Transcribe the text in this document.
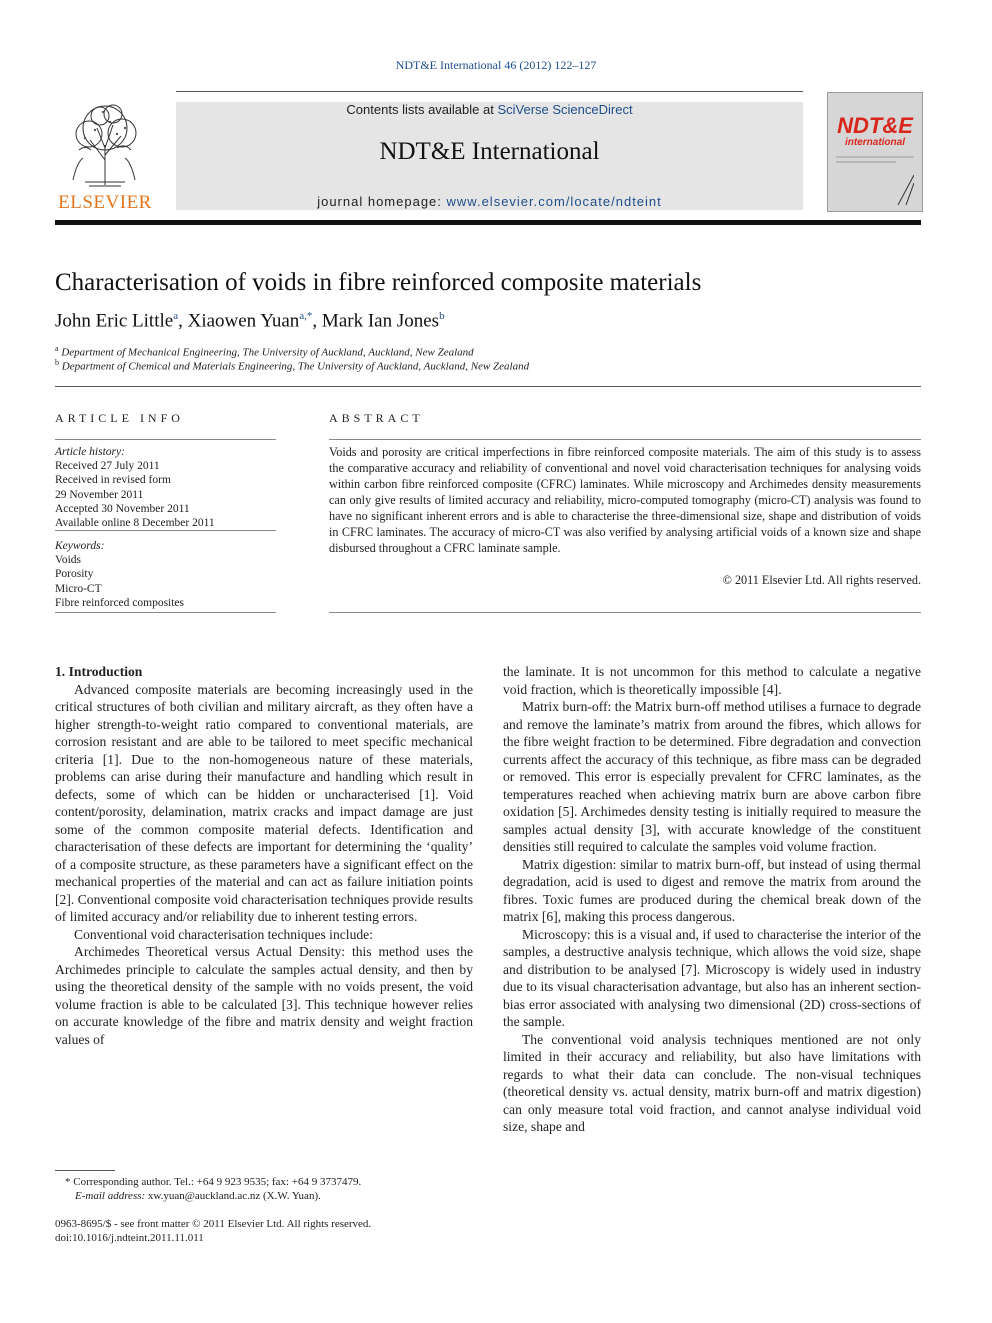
NDT&E International 46 (2012) 122–127
ELSEVIER
Contents lists available at SciVerse ScienceDirect
NDT&E International
journal homepage: www.elsevier.com/locate/ndteint
NDT&E
international
Characterisation of voids in fibre reinforced composite materials
John Eric Little$^a$, Xiaowen Yuan$^{a,*}$, Mark Ian Jones$^b$
$^a$ Department of Mechanical Engineering, The University of Auckland, Auckland, New Zealand
$^b$ Department of Chemical and Materials Engineering, The University of Auckland, Auckland, New Zealand
ARTICLE INFO
Article history:
Received 27 July 2011
Received in revised form
29 November 2011
Accepted 30 November 2011
Available online 8 December 2011
Keywords:
Voids
Porosity
Micro-CT
Fibre reinforced composites
ABSTRACT
Voids and porosity are critical imperfections in fibre reinforced composite materials. The aim of this study is to assess the comparative accuracy and reliability of conventional and novel void characterisation techniques for analysing voids within carbon fibre reinforced composite (CFRC) laminates. While microscopy and Archimedes density measurements can only give results of limited accuracy and reliability, micro-computed tomography (micro-CT) analysis was found to have no significant inherent errors and is able to characterise the three-dimensional size, shape and distribution of voids in CFRC laminates. The accuracy of micro-CT was also verified by analysing artificial voids of a known size and shape disbursed throughout a CFRC laminate sample.
© 2011 Elsevier Ltd. All rights reserved.

1. Introduction

Advanced composite materials are becoming increasingly used in the critical structures of both civilian and military aircraft, as they often have a higher strength-to-weight ratio compared to conventional materials, are corrosion resistant and are able to be tailored to meet specific mechanical criteria [1]. Due to the non-homogeneous nature of these materials, problems can arise during their manufacture and handling which result in defects, some of which can be hidden or uncharacterised [1]. Void content/porosity, delamination, matrix cracks and impact damage are just some of the common composite material defects. Identification and characterisation of these defects are important for determining the ‘quality’ of a composite structure, as these parameters have a significant effect on the mechanical properties of the material and can act as failure initiation points [2]. Conventional composite void characterisation techniques provide results of limited accuracy and/or reliability due to inherent testing errors.

Conventional void characterisation techniques include:

Archimedes Theoretical versus Actual Density: this method uses the Archimedes principle to calculate the samples actual density, and then by using the theoretical density of the sample with no voids present, the void volume fraction is able to be calculated [3]. This technique however relies on accurate knowledge of the fibre and matrix density and weight fraction values of

the laminate. It is not uncommon for this method to calculate a negative void fraction, which is theoretically impossible [4].

Matrix burn-off: the Matrix burn-off method utilises a furnace to degrade and remove the laminate’s matrix from around the fibres, which allows for the fibre weight fraction to be determined. Fibre degradation and convection currents affect the accuracy of this technique, as fibre mass can be degraded or removed. This error is especially prevalent for CFRC laminates, as the temperatures reached when achieving matrix burn are above carbon fibre oxidation [5]. Archimedes density testing is initially required to measure the samples actual density [3], with accurate knowledge of the constituent densities still required to calculate the samples void volume fraction.

Matrix digestion: similar to matrix burn-off, but instead of using thermal degradation, acid is used to digest and remove the matrix from around the fibres. Toxic fumes are produced during the chemical break down of the matrix [6], making this process dangerous.

Microscopy: this is a visual and, if used to characterise the interior of the samples, a destructive analysis technique, which allows the void size, shape and distribution to be analysed [7]. Microscopy is widely used in industry due to its visual characterisation advantage, but also has an inherent section-bias error associated with analysing two dimensional (2D) cross-sections of the sample.

The conventional void analysis techniques mentioned are not only limited in their accuracy and reliability, but also have limitations with regards to what their data can conclude. The non-visual techniques (theoretical density vs. actual density, matrix burn-off and matrix digestion) can only measure total void fraction, and cannot analyse individual void size, shape and

* Corresponding author. Tel.: +64 9 923 9535; fax: +64 9 3737479.
E-mail address: xw.yuan@auckland.ac.nz (X.W. Yuan).
0963-8695/$ - see front matter © 2011 Elsevier Ltd. All rights reserved.
doi:10.1016/j.ndteint.2011.11.011
